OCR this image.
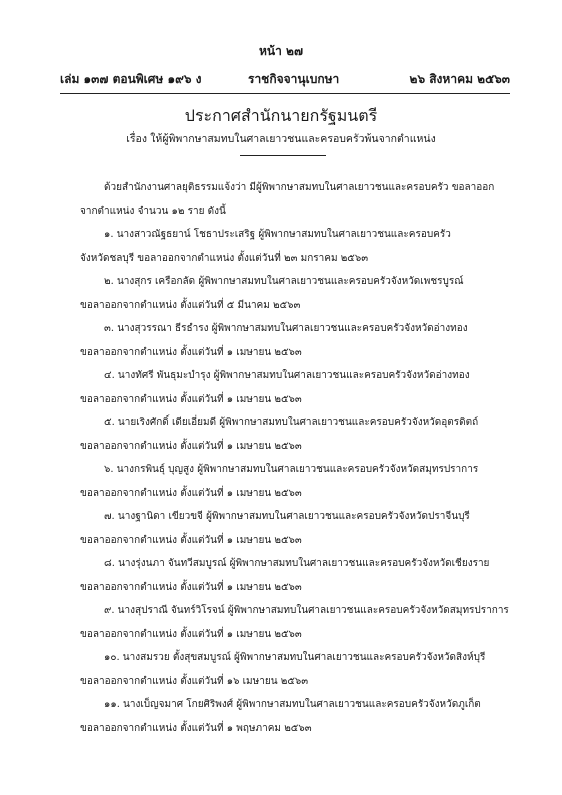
หน้า ๒๗
เล่ม ๑๓๗ ตอนพิเศษ ๑๙๖ ง	ราชกิจจานุเบกษา	๒๖ สิงหาคม ๒๕๖๓
ประกาศสำนักนายกรัฐมนตรี
เรื่อง ให้ผู้พิพากษาสมทบในศาลเยาวชนและครอบครัวพ้นจากตำแหน่ง
ด้วยสำนักงานศาลยุติธรรมแจ้งว่า มีผู้พิพากษาสมทบในศาลเยาวชนและครอบครัว ขอลาออก
จากตำแหน่ง จำนวน ๑๒ ราย ดังนี้
๑. นางสาวณัฐธยาน์ โชธาประเสริฐ ผู้พิพากษาสมทบในศาลเยาวชนและครอบครัว
จังหวัดชลบุรี ขอลาออกจากตำแหน่ง ตั้งแต่วันที่ ๒๓ มกราคม ๒๕๖๓
๒. นางสุกร เครือกลัด ผู้พิพากษาสมทบในศาลเยาวชนและครอบครัวจังหวัดเพชรบูรณ์
ขอลาออกจากตำแหน่ง ตั้งแต่วันที่ ๕ มีนาคม ๒๕๖๓
๓. นางสุวรรณา ธีรธำรง ผู้พิพากษาสมทบในศาลเยาวชนและครอบครัวจังหวัดอ่างทอง
ขอลาออกจากตำแหน่ง ตั้งแต่วันที่ ๑ เมษายน ๒๕๖๓
๔. นางทัศรี พันธุมะบำรุง ผู้พิพากษาสมทบในศาลเยาวชนและครอบครัวจังหวัดอ่างทอง
ขอลาออกจากตำแหน่ง ตั้งแต่วันที่ ๑ เมษายน ๒๕๖๓
๕. นายเริงศักดิ์ เดียเอี่ยมดี ผู้พิพากษาสมทบในศาลเยาวชนและครอบครัวจังหวัดอุตรดิตถ์
ขอลาออกจากตำแหน่ง ตั้งแต่วันที่ ๑ เมษายน ๒๕๖๓
๖. นางกรพินธุ์ บุญสูง ผู้พิพากษาสมทบในศาลเยาวชนและครอบครัวจังหวัดสมุทรปราการ
ขอลาออกจากตำแหน่ง ตั้งแต่วันที่ ๑ เมษายน ๒๕๖๓
๗. นางฐานิดา เขียวขจี ผู้พิพากษาสมทบในศาลเยาวชนและครอบครัวจังหวัดปราจีนบุรี
ขอลาออกจากตำแหน่ง ตั้งแต่วันที่ ๑ เมษายน ๒๕๖๓
๘. นางรุ่งนภา จันทวีสมบูรณ์ ผู้พิพากษาสมทบในศาลเยาวชนและครอบครัวจังหวัดเชียงราย
ขอลาออกจากตำแหน่ง ตั้งแต่วันที่ ๑ เมษายน ๒๕๖๓
๙. นางสุปราณี จันทร์วิโรจน์ ผู้พิพากษาสมทบในศาลเยาวชนและครอบครัวจังหวัดสมุทรปราการ
ขอลาออกจากตำแหน่ง ตั้งแต่วันที่ ๑ เมษายน ๒๕๖๓
๑๐. นางสมรวย ตั้งสุขสมบูรณ์ ผู้พิพากษาสมทบในศาลเยาวชนและครอบครัวจังหวัดสิงห์บุรี
ขอลาออกจากตำแหน่ง ตั้งแต่วันที่ ๑๖ เมษายน ๒๕๖๓
๑๑. นางเบ็ญจมาศ โกยศิริพงศ์ ผู้พิพากษาสมทบในศาลเยาวชนและครอบครัวจังหวัดภูเก็ต
ขอลาออกจากตำแหน่ง ตั้งแต่วันที่ ๑ พฤษภาคม ๒๕๖๓
